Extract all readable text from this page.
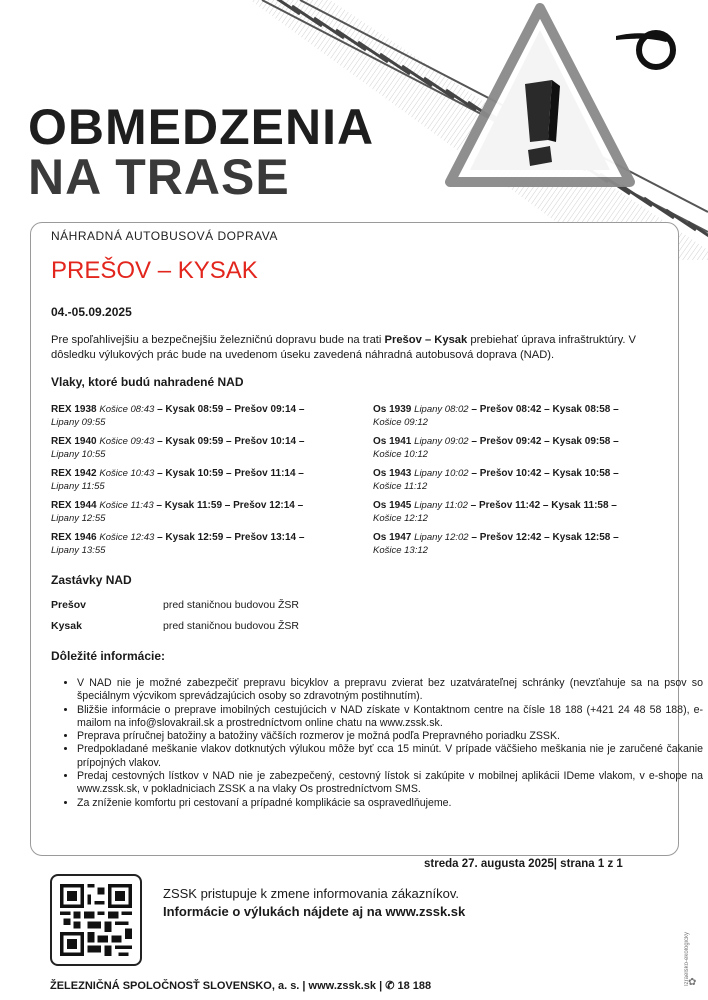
OBMEDZENIA
NA TRASE
NÁHRADNÁ AUTOBUSOVÁ DOPRAVA
PREŠOV – KYSAK
04.-05.09.2025
Pre spoľahlivejšiu a bezpečnejšiu železničnú dopravu bude na trati Prešov – Kysak prebiehať úprava infraštruktúry. V dôsledku výlukových prác bude na uvedenom úseku zavedená náhradná autobusová doprava (NAD).
Vlaky, ktoré budú nahradené NAD
REX 1938 Košice 08:43 – Kysak 08:59 – Prešov 09:14 –
Lipany 09:55
Os 1939 Lipany 08:02 – Prešov 08:42 – Kysak 08:58 –
Košice 09:12
REX 1940 Košice 09:43 – Kysak 09:59 – Prešov 10:14 –
Lipany 10:55
Os 1941 Lipany 09:02 – Prešov 09:42 – Kysak 09:58 –
Košice 10:12
REX 1942 Košice 10:43 – Kysak 10:59 – Prešov 11:14 –
Lipany 11:55
Os 1943 Lipany 10:02 – Prešov 10:42 – Kysak 10:58 –
Košice 11:12
REX 1944 Košice 11:43 – Kysak 11:59 – Prešov 12:14 –
Lipany 12:55
Os 1945 Lipany 11:02 – Prešov 11:42 – Kysak 11:58 –
Košice 12:12
REX 1946 Košice 12:43 – Kysak 12:59 – Prešov 13:14 –
Lipany 13:55
Os 1947 Lipany 12:02 – Prešov 12:42 – Kysak 12:58 –
Košice 13:12
Zastávky NAD
Prešov	pred staničnou budovou ŽSR
Kysak	pred staničnou budovou ŽSR
Dôležité informácie:
• V NAD nie je možné zabezpečiť prepravu bicyklov a prepravu zvierat bez uzatvárateľnej schránky (nevzťahuje sa na psov so špeciálnym výcvikom sprevádzajúcich osoby so zdravotným postihnutím).
• Bližšie informácie o preprave imobilných cestujúcich v NAD získate v Kontaktnom centre na čísle 18 188 (+421 24 48 58 188), e-mailom na info@slovakrail.sk a prostredníctvom online chatu na www.zssk.sk.
• Preprava príručnej batožiny a batožiny väčších rozmerov je možná podľa Prepravného poriadku ZSSK.
• Predpokladané meškanie vlakov dotknutých výlukou môže byť cca 15 minút. V prípade väčšieho meškania nie je zaručené čakanie prípojných vlakov.
• Predaj cestovných lístkov v NAD nie je zabezpečený, cestovný lístok si zakúpite v mobilnej aplikácii IDeme vlakom, v e-shope na www.zssk.sk, v pokladniciach ZSSK a na vlaky Os prostredníctvom SMS.
• Za zníženie komfortu pri cestovaní a prípadné komplikácie sa ospravedlňujeme.
streda 27. augusta 2025| strana 1 z 1
ZSSK pristupuje k zmene informovania zákazníkov.
Informácie o výlukách nájdete aj na www.zssk.sk
ŽELEZNIČNÁ SPOLOČNOSŤ SLOVENSKO, a. s. | www.zssk.sk | ✆ 18 188	Izraelsko-ekologicky
✿
